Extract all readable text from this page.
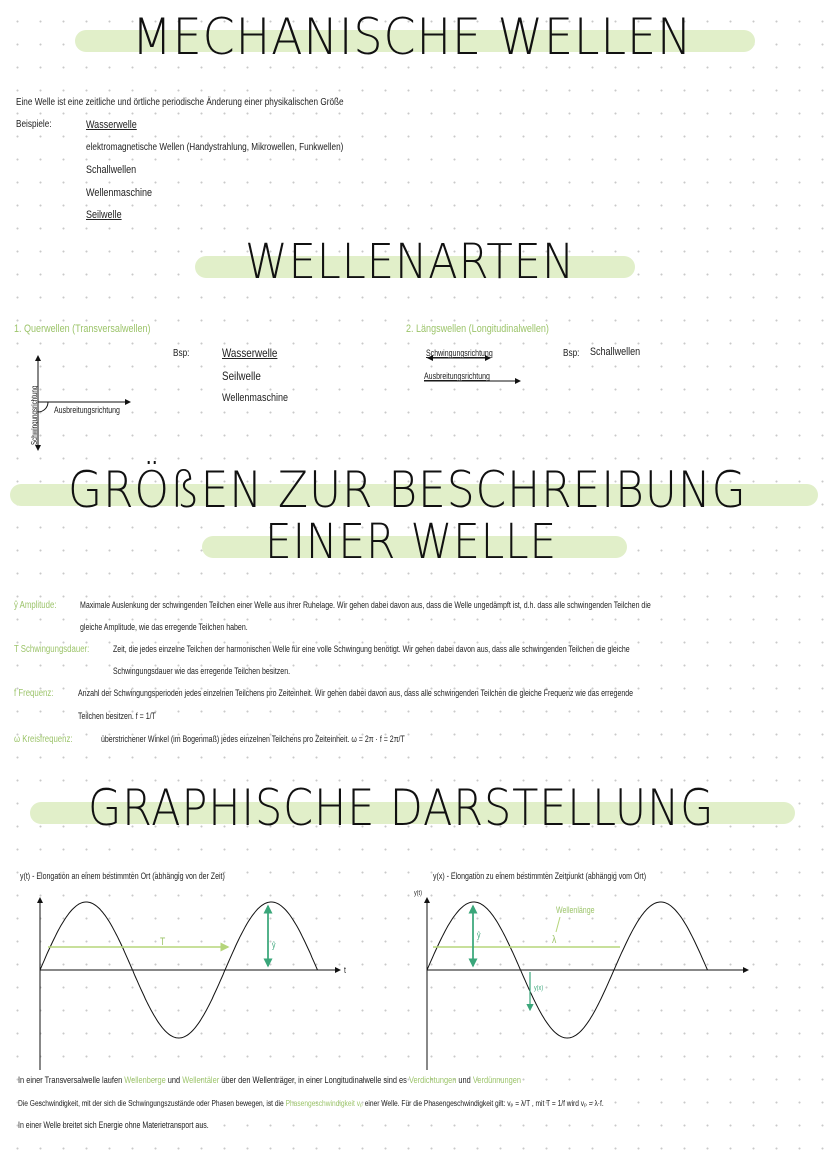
MECHANISCHE WELLEN
Eine Welle ist eine zeitliche und örtliche periodische Änderung einer physikalischen Größe
Beispiele:	Wasserwelle
elektromagnetische Wellen (Handystrahlung, Mikrowellen, Funkwellen)
Schallwellen
Wellenmaschine
Seilwelle
WELLENARTEN
1. Querwellen (Transversalwellen)
Bsp:	Wasserwelle
Seilwelle
Wellenmaschine
Schwingungsrichtung Ausbreitungsrichtung
2. Längswellen (Longitudinalwellen)
Schwingungsrichtung
Ausbreitungsrichtung
Bsp: Schallwellen
GRÖßEN ZUR BESCHREIBUNG
EINER WELLE
ŷ Amplitude:	Maximale Auslenkung der schwingenden Teilchen einer Welle aus ihrer Ruhelage. Wir gehen dabei davon aus, dass die Welle ungedämpft ist, d.h. dass alle schwingenden Teilchen die
gleiche Amplitude, wie das erregende Teilchen haben.
T Schwingungsdauer:	Zeit, die jedes einzelne Teilchen der harmonischen Welle für eine volle Schwingung benötigt. Wir gehen dabei davon aus, dass alle schwingenden Teilchen die gleiche
Schwingungsdauer wie das erregende Teilchen besitzen.
f Frequenz:	Anzahl der Schwingungsperioden jedes einzelnen Teilchens pro Zeiteinheit. Wir gehen dabei davon aus, dass alle schwingenden Teilchen die gleiche Frequenz wie das erregende
Teilchen besitzen. f = 1/T
ω Kreisfrequenz:	überstrichener Winkel (im Bogenmaß) jedes einzelnen Teilchens pro Zeiteinheit. ω = 2π · f = 2π/T
GRAPHISCHE DARSTELLUNG
y(t) - Elongation an einem bestimmten Ort (abhängig von der Zeit)	y(x) - Elongation zu einem bestimmten Zeitpunkt (abhängig vom Ort)
t
T	ŷ
y(t)
ŷ
Wellenlänge
λ
y(x)
In einer Transversalwelle laufen Wellenberge und Wellentäler über den Wellenträger, in einer Longitudinalwelle sind es Verdichtungen und Verdünnungen
Die Geschwindigkeit, mit der sich die Schwingungszustände oder Phasen bewegen, ist die Phasengeschwindigkeit vₚ einer Welle. Für die Phasengeschwindigkeit gilt: vₚ = λ/T , mit T = 1/f wird vₚ = λ·f.
In einer Welle breitet sich Energie ohne Materietransport aus.
